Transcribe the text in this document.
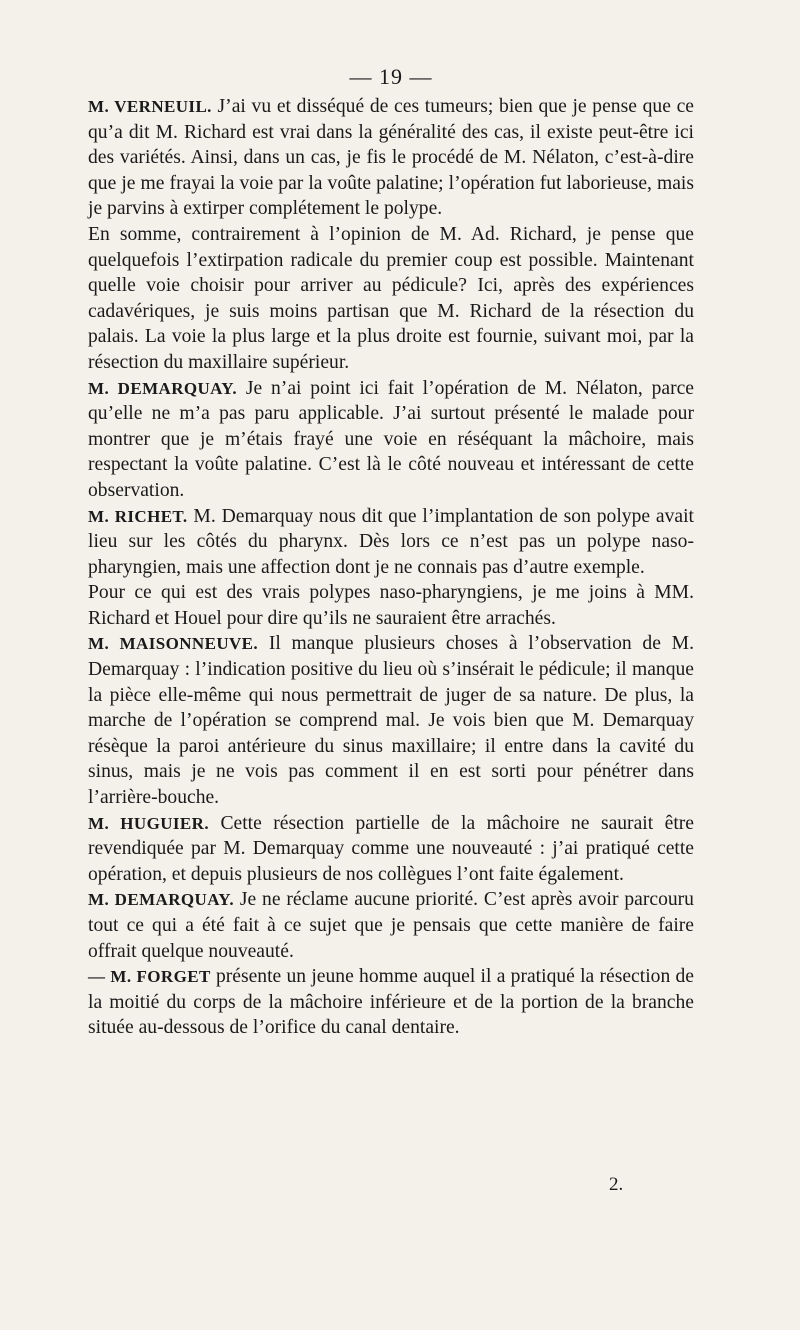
— 19 —

M. VERNEUIL. J’ai vu et disséqué de ces tumeurs; bien que je pense que ce qu’a dit M. Richard est vrai dans la généralité des cas, il existe peut-être ici des variétés. Ainsi, dans un cas, je fis le procédé de M. Nélaton, c’est-à-dire que je me frayai la voie par la voûte palatine; l’opération fut laborieuse, mais je parvins à extirper complétement le polype.

En somme, contrairement à l’opinion de M. Ad. Richard, je pense que quelquefois l’extirpation radicale du premier coup est possible. Maintenant quelle voie choisir pour arriver au pédicule? Ici, après des expériences cadavériques, je suis moins partisan que M. Richard de la résection du palais. La voie la plus large et la plus droite est fournie, suivant moi, par la résection du maxillaire supérieur.

M. DEMARQUAY. Je n’ai point ici fait l’opération de M. Nélaton, parce qu’elle ne m’a pas paru applicable. J’ai surtout présenté le malade pour montrer que je m’étais frayé une voie en réséquant la mâchoire, mais respectant la voûte palatine. C’est là le côté nouveau et intéressant de cette observation.

M. RICHET. M. Demarquay nous dit que l’implantation de son polype avait lieu sur les côtés du pharynx. Dès lors ce n’est pas un polype naso-pharyngien, mais une affection dont je ne connais pas d’autre exemple.

Pour ce qui est des vrais polypes naso-pharyngiens, je me joins à MM. Richard et Houel pour dire qu’ils ne sauraient être arrachés.

M. MAISONNEUVE. Il manque plusieurs choses à l’observation de M. Demarquay : l’indication positive du lieu où s’insérait le pédicule; il manque la pièce elle-même qui nous permettrait de juger de sa nature. De plus, la marche de l’opération se comprend mal. Je vois bien que M. Demarquay résèque la paroi antérieure du sinus maxillaire; il entre dans la cavité du sinus, mais je ne vois pas comment il en est sorti pour pénétrer dans l’arrière-bouche.

M. HUGUIER. Cette résection partielle de la mâchoire ne saurait être revendiquée par M. Demarquay comme une nouveauté : j’ai pratiqué cette opération, et depuis plusieurs de nos collègues l’ont faite également.

M. DEMARQUAY. Je ne réclame aucune priorité. C’est après avoir parcouru tout ce qui a été fait à ce sujet que je pensais que cette manière de faire offrait quelque nouveauté.

— M. FORGET présente un jeune homme auquel il a pratiqué la résection de la moitié du corps de la mâchoire inférieure et de la portion de la branche située au-dessous de l’orifice du canal dentaire.

2.
